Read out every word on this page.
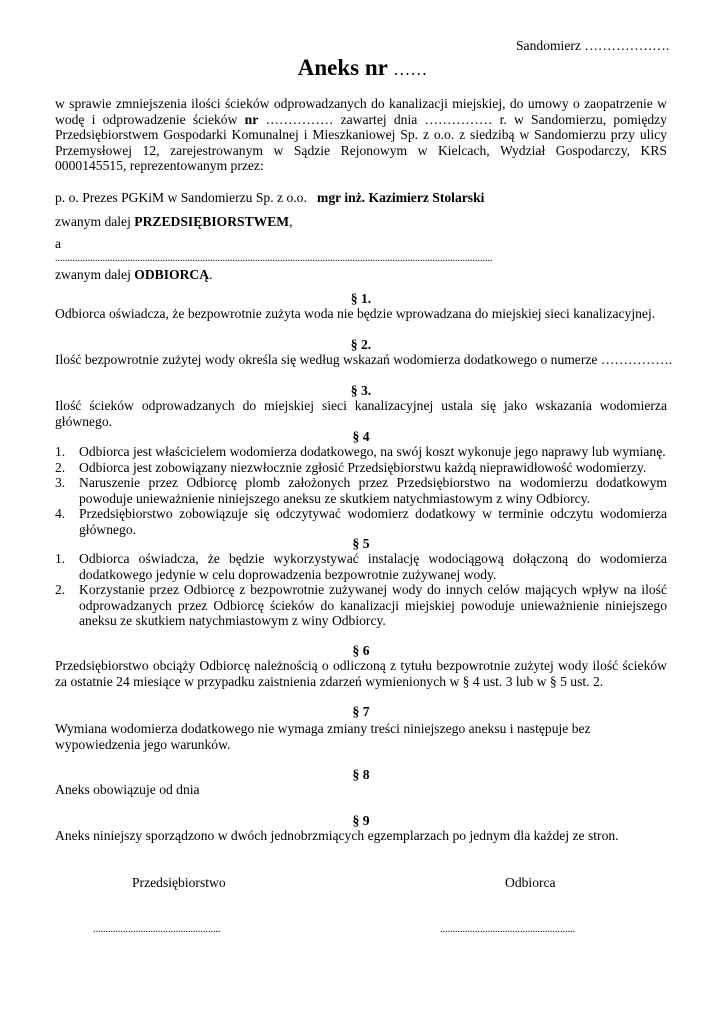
Sandomierz ……………….
Aneks nr ……
w sprawie zmniejszenia ilości ścieków odprowadzanych do kanalizacji miejskiej, do umowy o zaopatrzenie w wodę i odprowadzenie ścieków nr …………… zawartej dnia …………… r. w Sandomierzu, pomiędzy Przedsiębiorstwem Gospodarki Komunalnej i Mieszkaniowej Sp. z o.o. z siedzibą w Sandomierzu przy ulicy Przemysłowej 12, zarejestrowanym w Sądzie Rejonowym w Kielcach, Wydział Gospodarczy, KRS 0000145515, reprezentowanym przez:
p. o. Prezes PGKiM w Sandomierzu Sp. z o.o. mgr inż. Kazimierz Stolarski
zwanym dalej PRZEDSIĘBIORSTWEM,
a
...............................................................................................................................................................................
zwanym dalej ODBIORCĄ.
§ 1.
Odbiorca oświadcza, że bezpowrotnie zużyta woda nie będzie wprowadzana do miejskiej sieci kanalizacyjnej.
§ 2.
Ilość bezpowrotnie zużytej wody określa się według wskazań wodomierza dodatkowego o numerze …………….
§ 3.
Ilość ścieków odprowadzanych do miejskiej sieci kanalizacyjnej ustala się jako wskazania wodomierza głównego.
§ 4
1. Odbiorca jest właścicielem wodomierza dodatkowego, na swój koszt wykonuje jego naprawy lub wymianę.
2. Odbiorca jest zobowiązany niezwłocznie zgłosić Przedsiębiorstwu każdą nieprawidłowość wodomierzy.
3. Naruszenie przez Odbiorcę plomb założonych przez Przedsiębiorstwo na wodomierzu dodatkowym powoduje unieważnienie niniejszego aneksu ze skutkiem natychmiastowym z winy Odbiorcy.
4. Przedsiębiorstwo zobowiązuje się odczytywać wodomierz dodatkowy w terminie odczytu wodomierza głównego.
§ 5
1. Odbiorca oświadcza, że będzie wykorzystywać instalację wodociągową dołączoną do wodomierza dodatkowego jedynie w celu doprowadzenia bezpowrotnie zużywanej wody.
2. Korzystanie przez Odbiorcę z bezpowrotnie zużywanej wody do innych celów mających wpływ na ilość odprowadzanych przez Odbiorcę ścieków do kanalizacji miejskiej powoduje unieważnienie niniejszego aneksu ze skutkiem natychmiastowym z winy Odbiorcy.
§ 6
Przedsiębiorstwo obciąży Odbiorcę należnością o odliczoną z tytułu bezpowrotnie zużytej wody ilość ścieków za ostatnie 24 miesiące w przypadku zaistnienia zdarzeń wymienionych w § 4 ust. 3 lub w § 5 ust. 2.
§ 7
Wymiana wodomierza dodatkowego nie wymaga zmiany treści niniejszego aneksu i następuje bez wypowiedzenia jego warunków.
§ 8
Aneks obowiązuje od dnia
§ 9
Aneks niniejszy sporządzono w dwóch jednobrzmiących egzemplarzach po jednym dla każdej ze stron.
Przedsiębiorstwo	Odbiorca
...................................................	......................................................
